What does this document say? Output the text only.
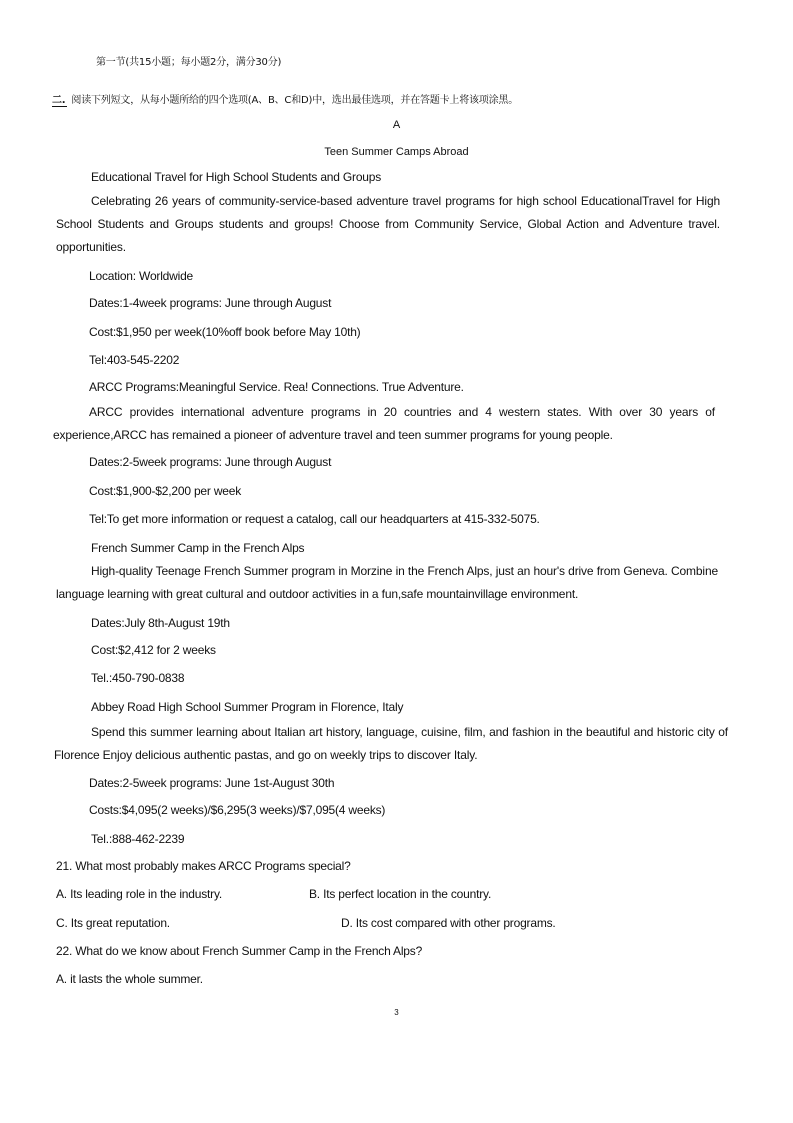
第一节(共15小题；每小题2分，满分30分)
二. 阅读下列短文，从每小题所给的四个选项(A、B、C和D)中，选出最佳选项，并在答题卡上将该项涂黑。
A
Teen Summer Camps Abroad
Educational Travel for High School Students and Groups
Celebrating 26 years of community-service-based adventure travel programs for high school EducationalTravel for High School Students and Groups students and groups! Choose from Community Service, Global Action and Adventure travel. opportunities.
Location: Worldwide
Dates:1-4week programs: June through August
Cost:$1,950 per week(10%off book before May 10th)
Tel:403-545-2202
ARCC Programs:Meaningful Service. Rea! Connections. True Adventure.
ARCC provides international adventure programs in 20 countries and 4 western states. With over 30 years of experience,ARCC has remained a pioneer of adventure travel and teen summer programs for young people.
Dates:2-5week programs: June through August
Cost:$1,900-$2,200 per week
Tel:To get more information or request a catalog, call our headquarters at 415-332-5075.
French Summer Camp in the French Alps
High-quality Teenage French Summer program in Morzine in the French Alps, just an hour's drive from Geneva. Combine language learning with great cultural and outdoor activities in a fun,safe mountainvillage environment.
Dates:July 8th-August 19th
Cost:$2,412 for 2 weeks
Tel.:450-790-0838
Abbey Road High School Summer Program in Florence, Italy
Spend this summer learning about Italian art history, language, cuisine, film, and fashion in the beautiful and historic city of Florence Enjoy delicious authentic pastas, and go on weekly trips to discover Italy.
Dates:2-5week programs: June 1st-August 30th
Costs:$4,095(2 weeks)/$6,295(3 weeks)/$7,095(4 weeks)
Tel.:888-462-2239
21. What most probably makes ARCC Programs special?
A. Its leading role in the industry.	B. Its perfect location in the country.
C. Its great reputation.	D. Its cost compared with other programs.
22. What do we know about French Summer Camp in the French Alps?
A. it lasts the whole summer.
3
